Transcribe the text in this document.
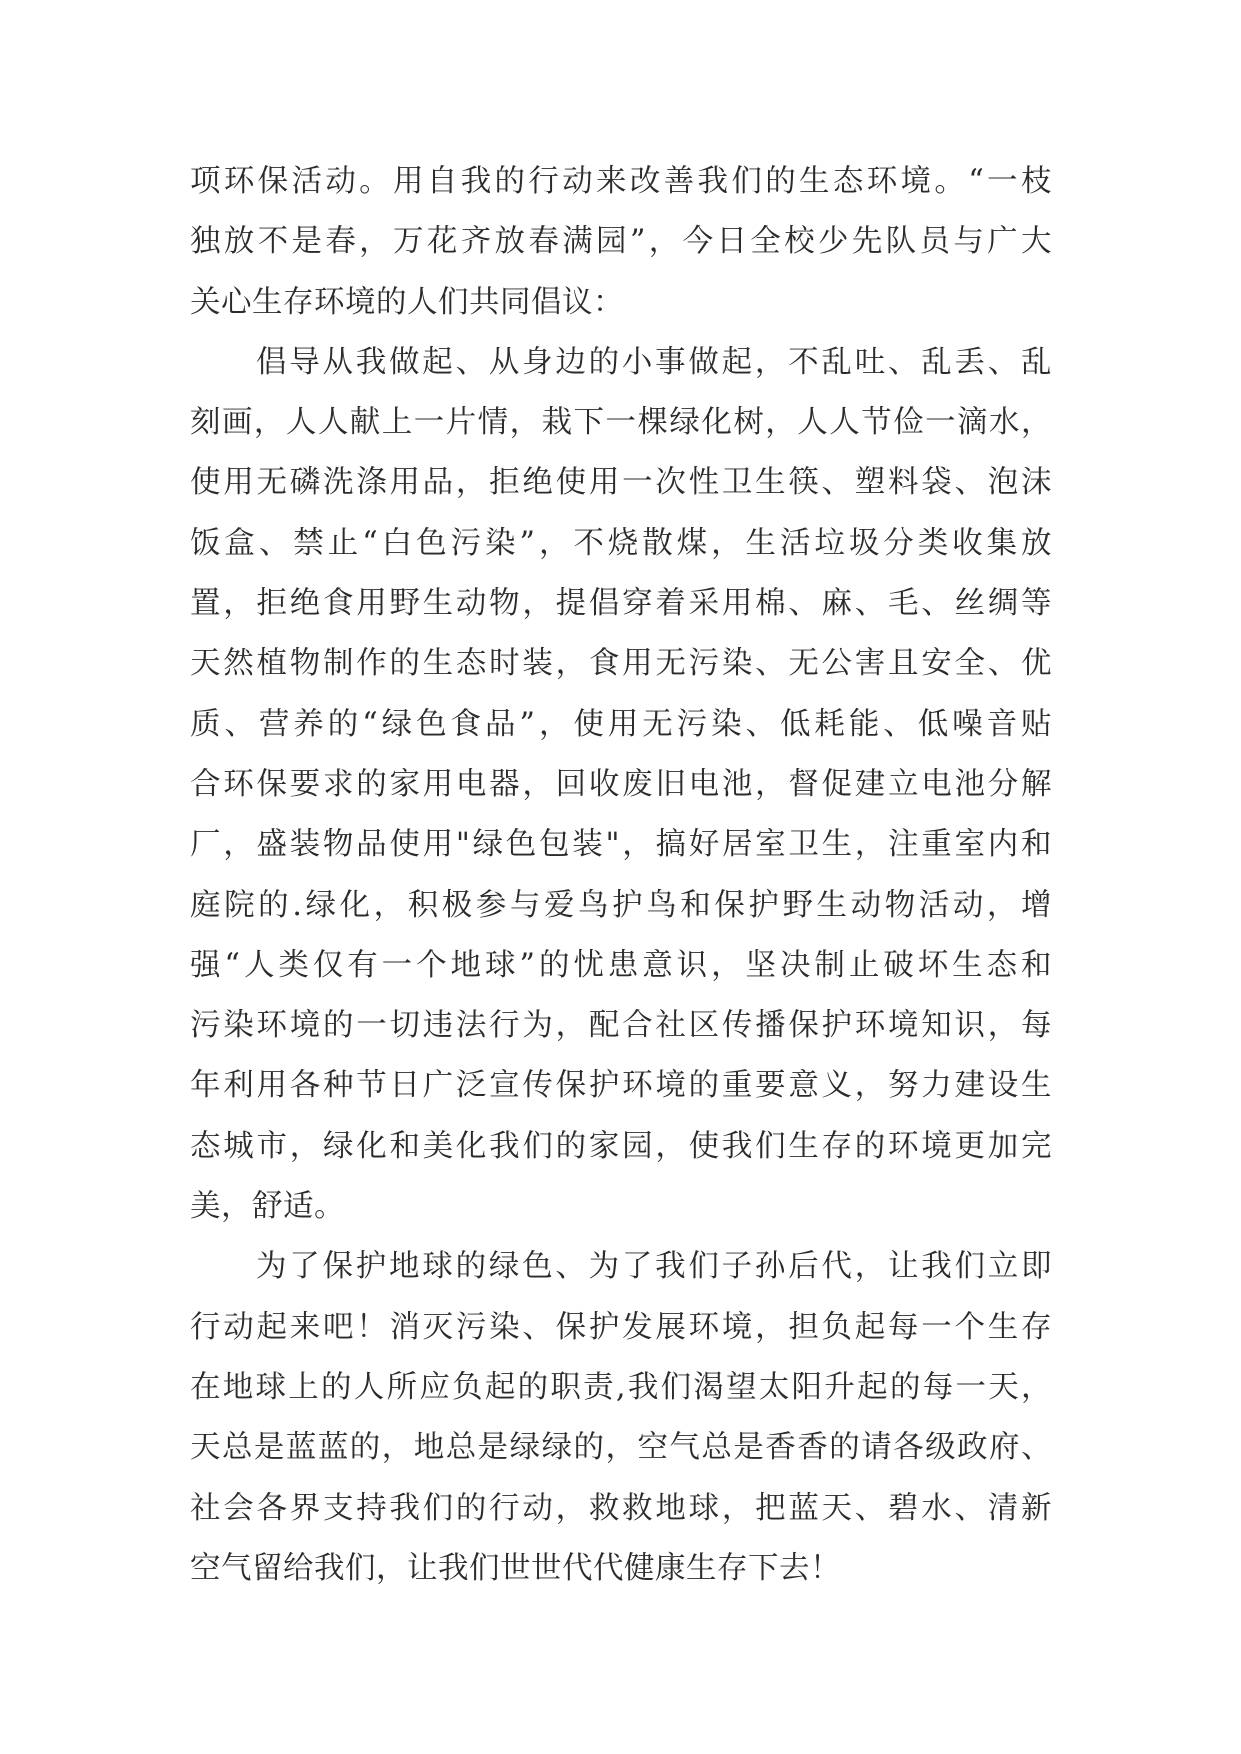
项环保活动。用自我的行动来改善我们的生态环境。“一枝
独放不是春，万花齐放春满园”，今日全校少先队员与广大
关心生存环境的人们共同倡议：
倡导从我做起、从身边的小事做起，不乱吐、乱丢、乱
刻画，人人献上一片情，栽下一棵绿化树，人人节俭一滴水，
使用无磷洗涤用品，拒绝使用一次性卫生筷、塑料袋、泡沫
饭盒、禁止“白色污染”，不烧散煤，生活垃圾分类收集放
置，拒绝食用野生动物，提倡穿着采用棉、麻、毛、丝绸等
天然植物制作的生态时装，食用无污染、无公害且安全、优
质、营养的“绿色食品”，使用无污染、低耗能、低噪音贴
合环保要求的家用电器，回收废旧电池，督促建立电池分解
厂，盛装物品使用"绿色包装"，搞好居室卫生，注重室内和
庭院的.绿化，积极参与爱鸟护鸟和保护野生动物活动，增
强“人类仅有一个地球”的忧患意识，坚决制止破坏生态和
污染环境的一切违法行为，配合社区传播保护环境知识，每
年利用各种节日广泛宣传保护环境的重要意义，努力建设生
态城市，绿化和美化我们的家园，使我们生存的环境更加完
美，舒适。
为了保护地球的绿色、为了我们子孙后代，让我们立即
行动起来吧！消灭污染、保护发展环境，担负起每一个生存
在地球上的人所应负起的职责,我们渴望太阳升起的每一天，
天总是蓝蓝的，地总是绿绿的，空气总是香香的请各级政府、
社会各界支持我们的行动，救救地球，把蓝天、碧水、清新
空气留给我们，让我们世世代代健康生存下去！
